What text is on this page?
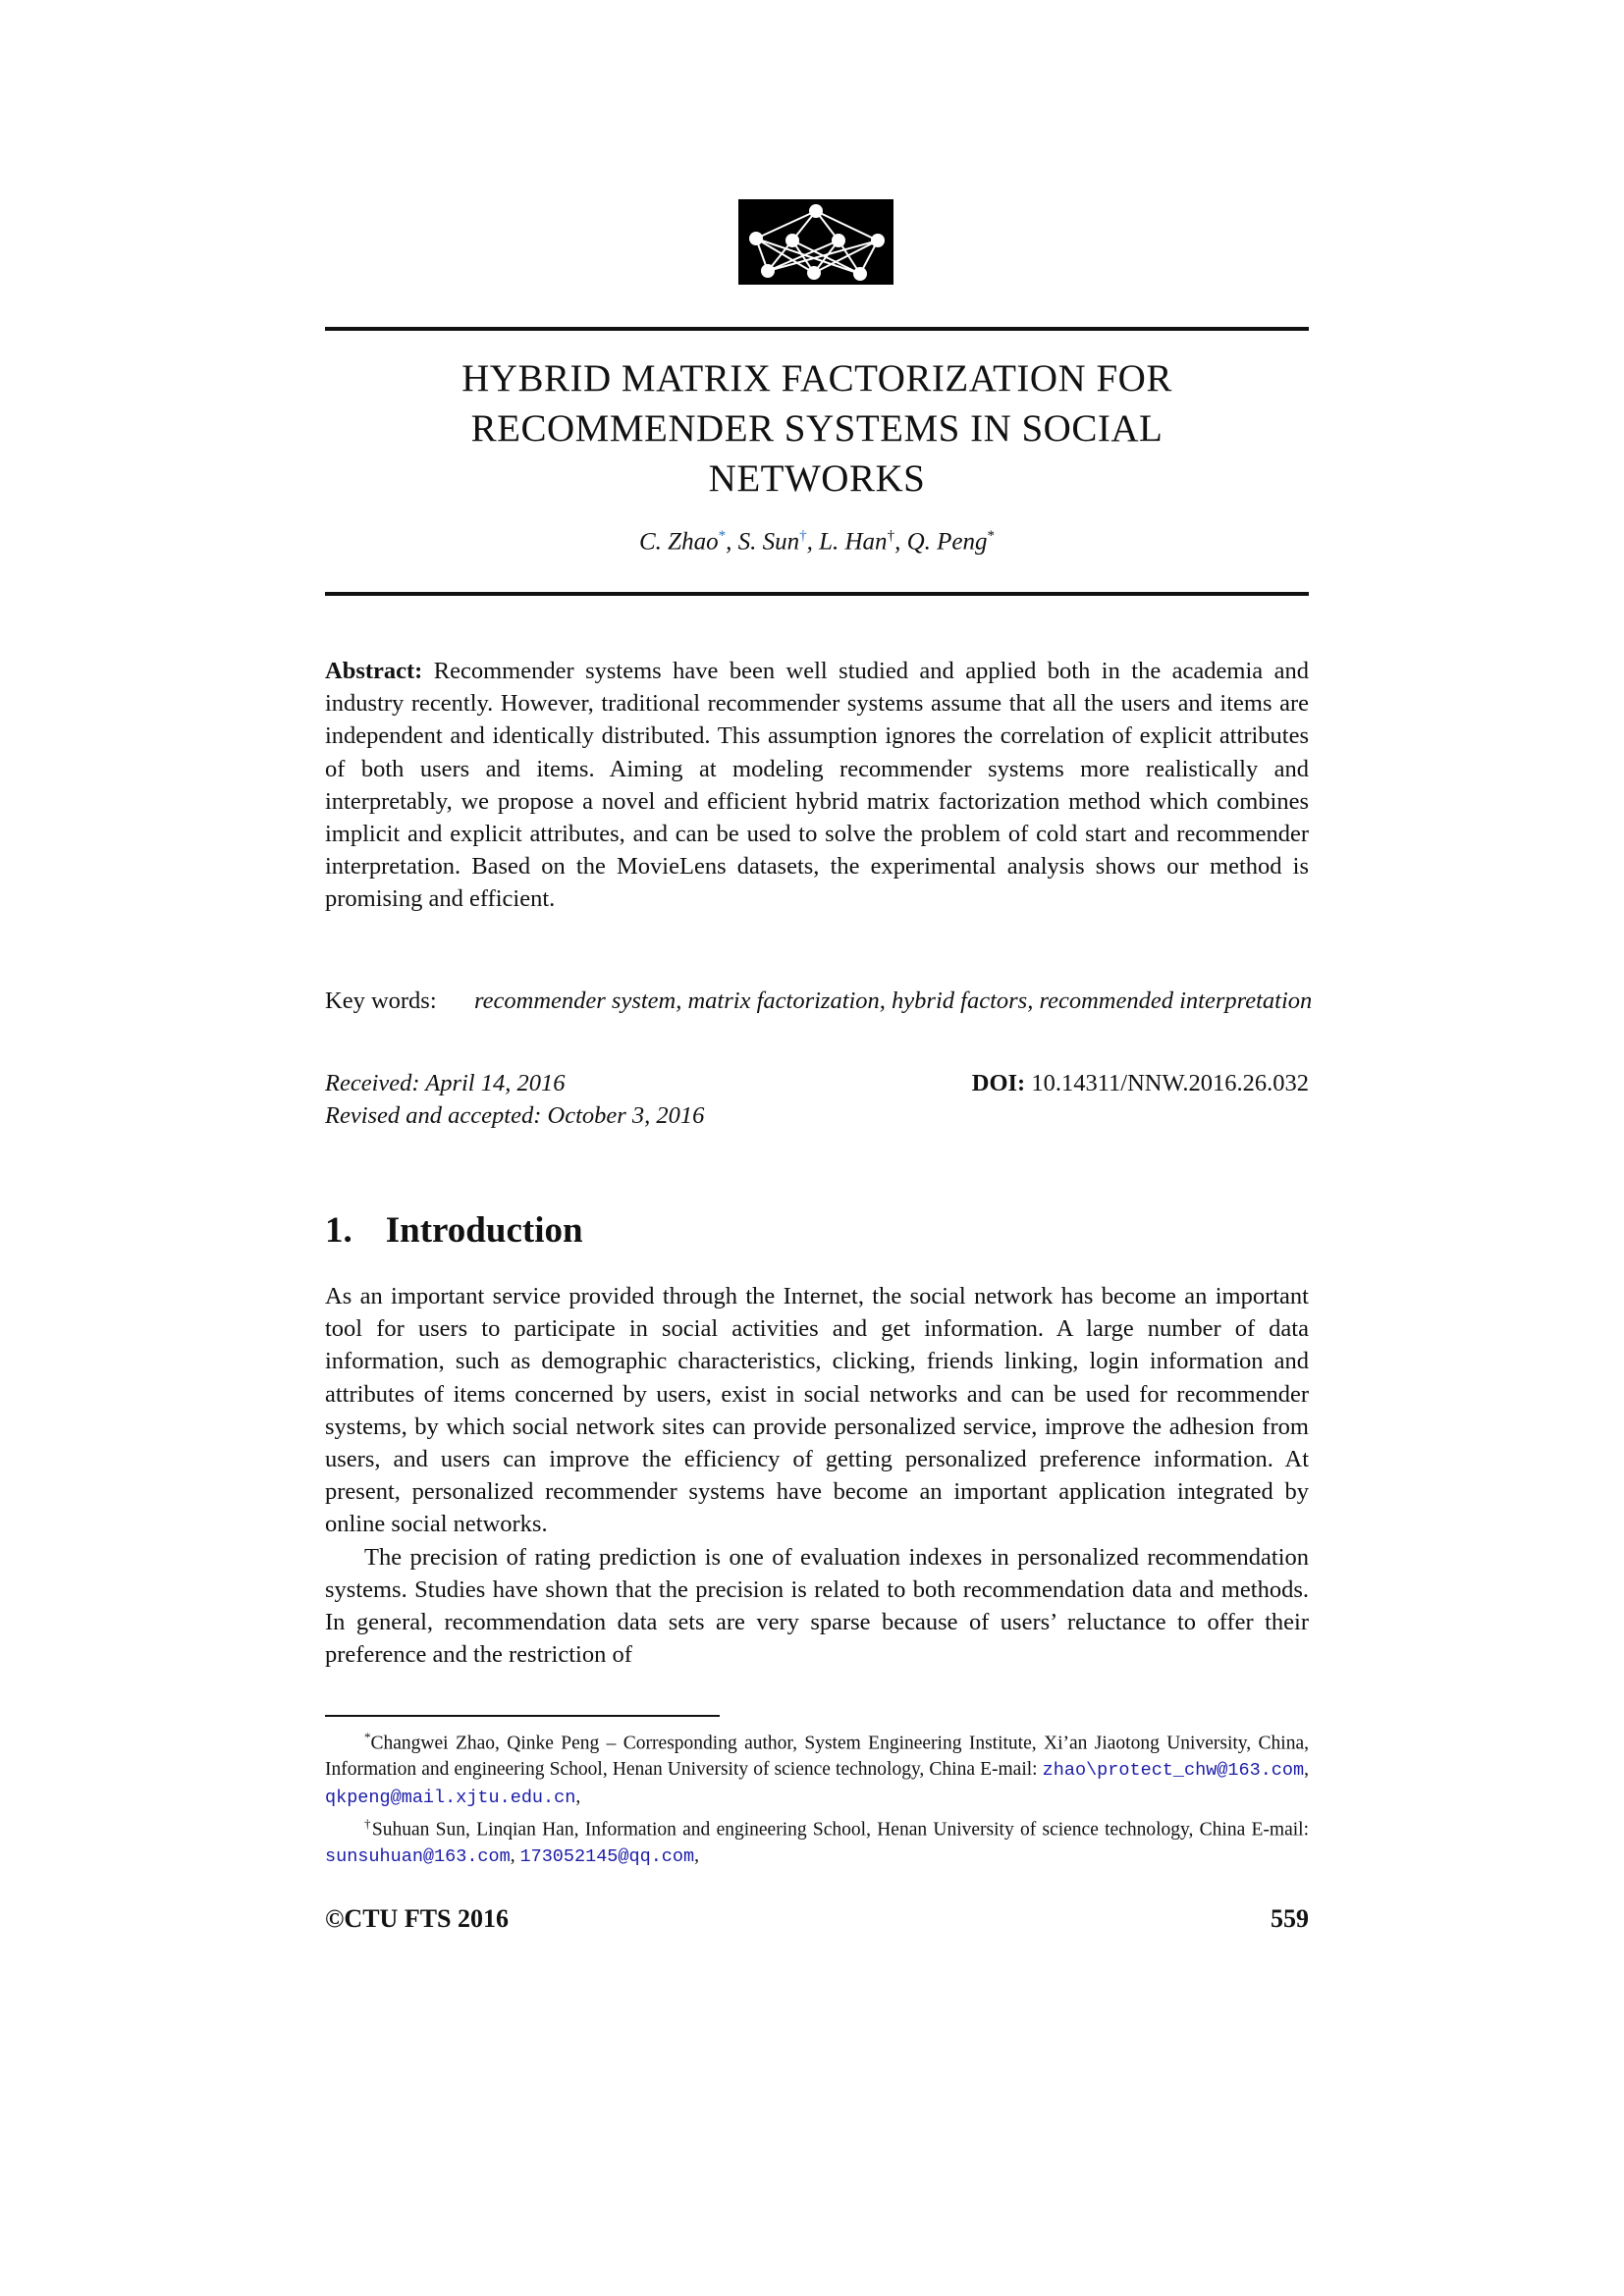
HYBRID MATRIX FACTORIZATION FOR
RECOMMENDER SYSTEMS IN SOCIAL
NETWORKS
C. Zhao*, S. Sun†, L. Han†, Q. Peng*

Abstract: Recommender systems have been well studied and applied both in the academia and industry recently. However, traditional recommender systems assume that all the users and items are independent and identically distributed. This assumption ignores the correlation of explicit attributes of both users and items. Aiming at modeling recommender systems more realistically and interpretably, we propose a novel and efficient hybrid matrix factorization method which combines implicit and explicit attributes, and can be used to solve the problem of cold start and recommender interpretation. Based on the MovieLens datasets, the experimental analysis shows our method is promising and efficient.

Key words: recommender system, matrix factorization, hybrid factors, recommended interpretation
Received: April 14, 2016
Revised and accepted: October 3, 2016
DOI: 10.14311/NNW.2016.26.032
1. Introduction

As an important service provided through the Internet, the social network has become an important tool for users to participate in social activities and get information. A large number of data information, such as demographic characteristics, clicking, friends linking, login information and attributes of items concerned by users, exist in social networks and can be used for recommender systems, by which social network sites can provide personalized service, improve the adhesion from users, and users can improve the efficiency of getting personalized preference information. At present, personalized recommender systems have become an important application integrated by online social networks.

The precision of rating prediction is one of evaluation indexes in personalized recommendation systems. Studies have shown that the precision is related to both recommendation data and methods. In general, recommendation data sets are very sparse because of users’ reluctance to offer their preference and the restriction of

*Changwei Zhao, Qinke Peng – Corresponding author, System Engineering Institute, Xi’an Jiaotong University, China, Information and engineering School, Henan University of science technology, China E-mail: zhao\protect_chw@163.com, qkpeng@mail.xjtu.edu.cn,

†Suhuan Sun, Linqian Han, Information and engineering School, Henan University of science technology, China E-mail: sunsuhuan@163.com, 173052145@qq.com,

©CTU FTS 2016	559
